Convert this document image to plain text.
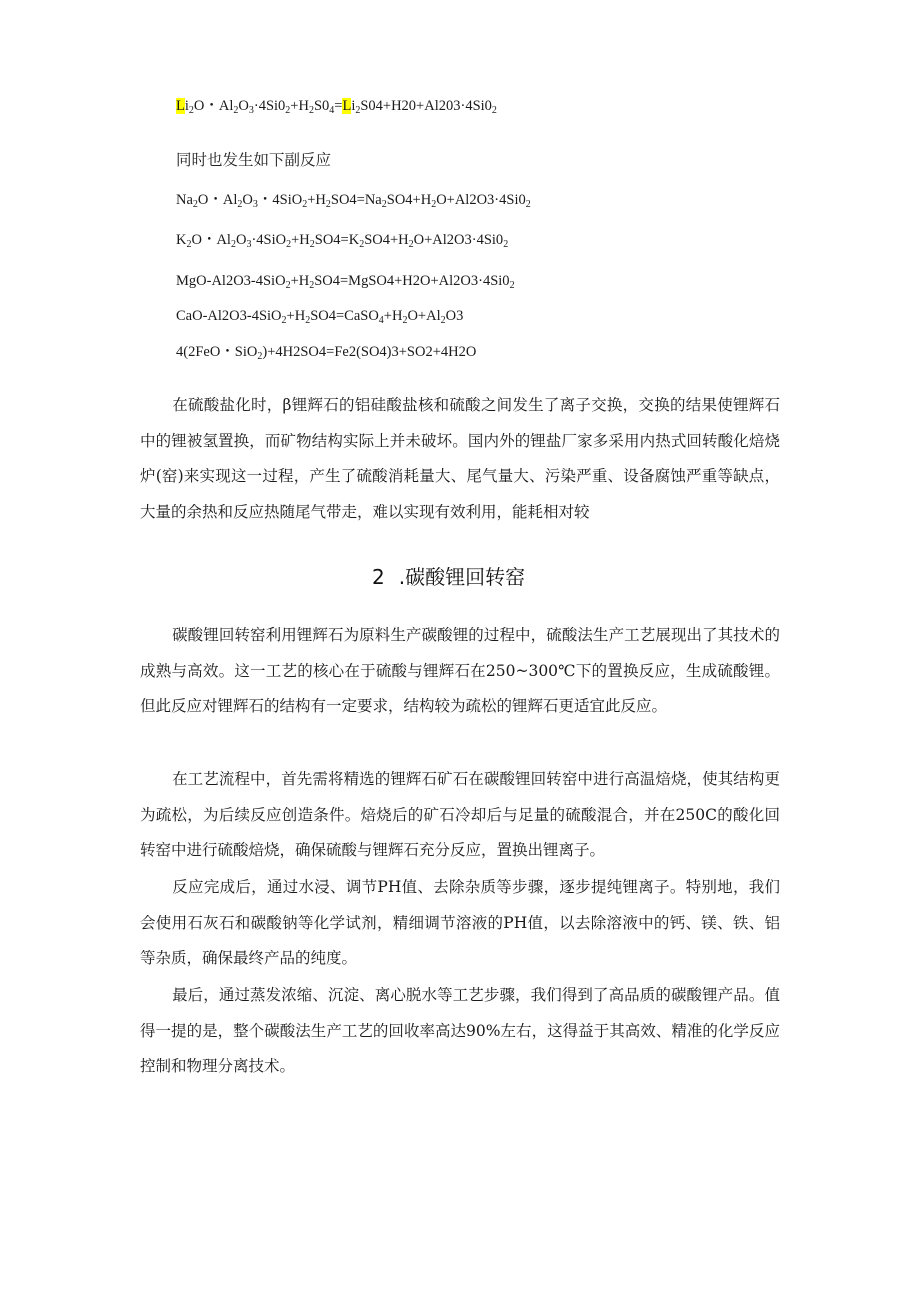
$Li_2O$・$Al_2O_3\cdot 4Si0_2+H_2S0_4=Li_2S04+H20+Al203\cdot 4Si0_2$
同时也发生如下副反应
$Na_2O$・$Al_2O_3$・$4SiO_2+H_2SO4=Na_2SO4+H_2O+Al2O3\cdot 4Si0_2$
$K_2O$・$Al_2O_3\cdot 4SiO_2+H_2SO4=K_2SO4+H_2O+Al2O3\cdot 4Si0_2$
MgO-$Al2O3-4SiO_2+H_2SO4=MgSO4+H2O+Al2O3\cdot 4Si0_2$
CaO-$Al2O3-4SiO_2+H_2SO4=CaSO_4+H_2O+Al_2O3$
4(2FeO・SiO$_2$)+4H2SO4=Fe2(SO4)3+SO2+4H2O

在硫酸盐化时，β锂辉石的铝硅酸盐核和硫酸之间发生了离子交换，交换的结果使锂辉石中的锂被氢置换，而矿物结构实际上并未破坏。国内外的锂盐厂家多采用内热式回转酸化焙烧炉(窑)来实现这一过程，产生了硫酸消耗量大、尾气量大、污染严重、设备腐蚀严重等缺点，大量的余热和反应热随尾气带走，难以实现有效利用，能耗相对较

2 .碳酸锂回转窑

碳酸锂回转窑利用锂辉石为原料生产碳酸锂的过程中，硫酸法生产工艺展现出了其技术的成熟与高效。这一工艺的核心在于硫酸与锂辉石在250~300℃下的置换反应，生成硫酸锂。但此反应对锂辉石的结构有一定要求，结构较为疏松的锂辉石更适宜此反应。

在工艺流程中，首先需将精选的锂辉石矿石在碳酸锂回转窑中进行高温焙烧，使其结构更为疏松，为后续反应创造条件。焙烧后的矿石冷却后与足量的硫酸混合，并在250C的酸化回转窑中进行硫酸焙烧，确保硫酸与锂辉石充分反应，置换出锂离子。

反应完成后，通过水浸、调节PH值、去除杂质等步骤，逐步提纯锂离子。特别地，我们会使用石灰石和碳酸钠等化学试剂，精细调节溶液的PH值，以去除溶液中的钙、镁、铁、铝等杂质，确保最终产品的纯度。

最后，通过蒸发浓缩、沉淀、离心脱水等工艺步骤，我们得到了高品质的碳酸锂产品。值得一提的是，整个碳酸法生产工艺的回收率高达90%左右，这得益于其高效、精准的化学反应控制和物理分离技术。
